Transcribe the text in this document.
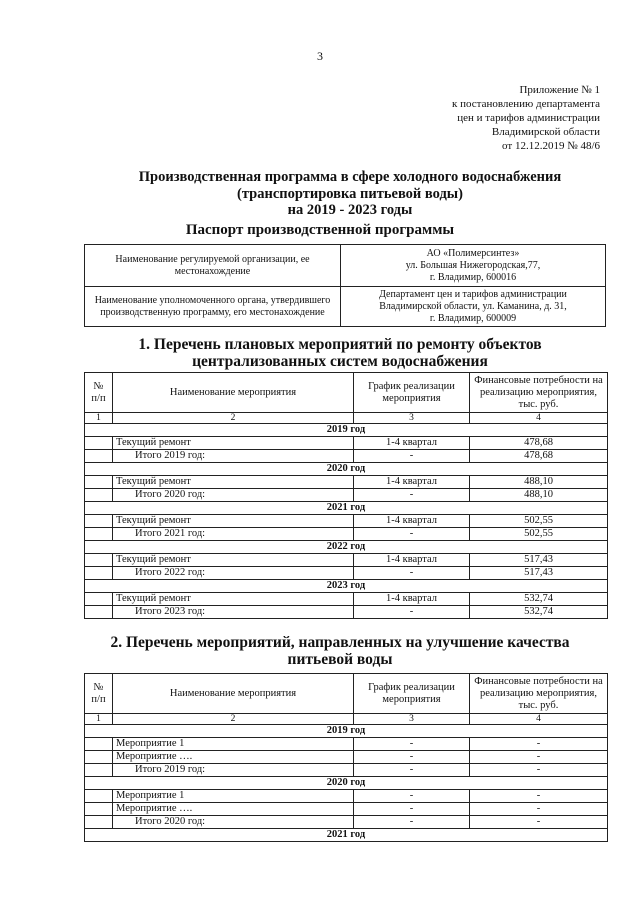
3
Приложение № 1
к постановлению департамента
цен и тарифов администрации
Владимирской области
от 12.12.2019 № 48/6
Производственная программа в сфере холодного водоснабжения
(транспортировка питьевой воды)
на 2019 - 2023 годы
Паспорт производственной программы
Наименование регулируемой организации, ее местонахождение	АО «Полимерсинтез»
ул. Большая Нижегородская,77,
г. Владимир, 600016

Наименование уполномоченного органа, утвердившего производственную программу, его местонахождение	Департамент цен и тарифов администрации
Владимирской области, ул. Каманина, д. 31,
г. Владимир, 600009
1. Перечень плановых мероприятий по ремонту объектов
централизованных систем водоснабжения
№ п/п	Наименование мероприятия	График реализации мероприятия	Финансовые потребности на реализацию мероприятия, тыс. руб.
1	2	3	4
2019 год			
	Текущий ремонт	1-4 квартал	478,68
	Итого 2019 год:	-	478,68
2020 год			
	Текущий ремонт	1-4 квартал	488,10
	Итого 2020 год:	-	488,10
2021 год			
	Текущий ремонт	1-4 квартал	502,55
	Итого 2021 год:	-	502,55
2022 год			
	Текущий ремонт	1-4 квартал	517,43
	Итого 2022 год:	-	517,43
2023 год			
	Текущий ремонт	1-4 квартал	532,74
	Итого 2023 год:	-	532,74
2. Перечень мероприятий, направленных на улучшение качества
питьевой воды
№ п/п	Наименование мероприятия	График реализации мероприятия	Финансовые потребности на реализацию мероприятия, тыс. руб.
1	2	3	4
2019 год			
	Мероприятие 1	-	-
	Мероприятие ….	-	-
	Итого 2019 год:	-	-
2020 год			
	Мероприятие 1	-	-
	Мероприятие ….	-	-
	Итого 2020 год:	-	-
2021 год			
